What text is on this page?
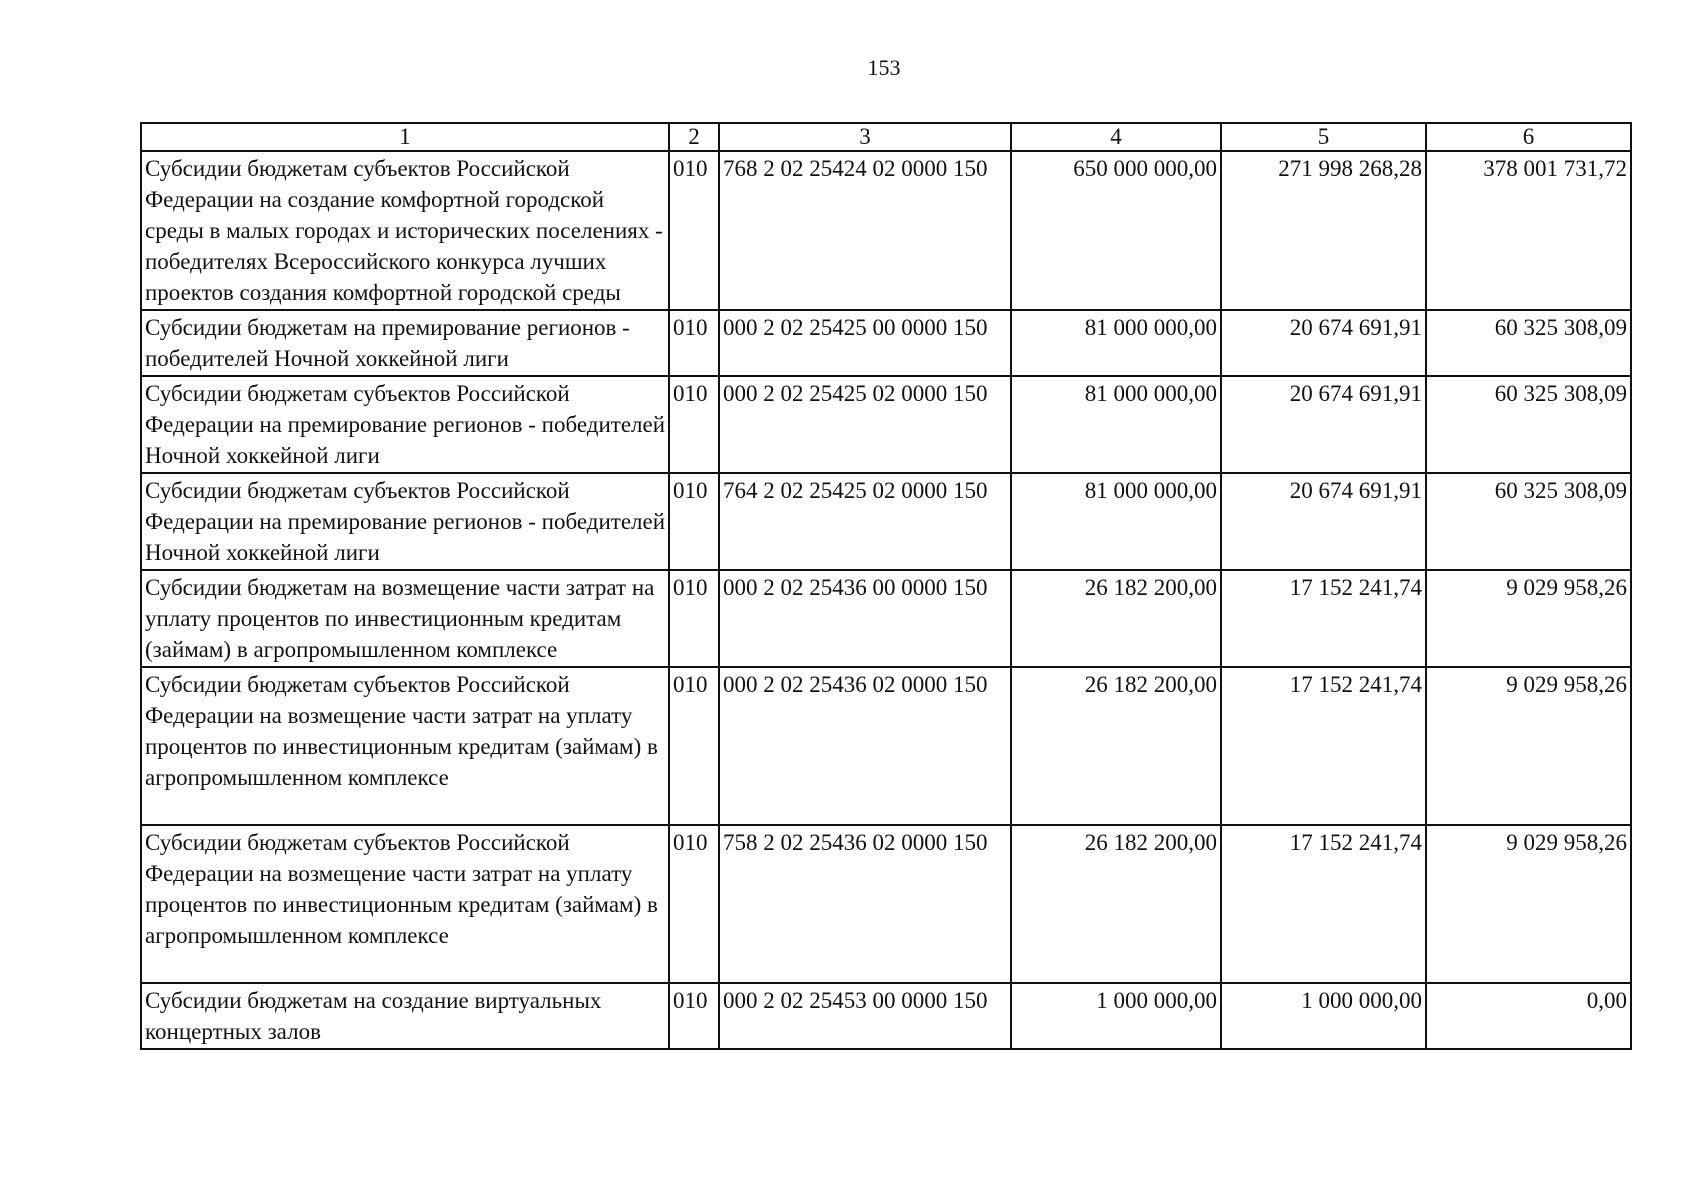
153
1	2	3	4	5	6
Субсидии бюджетам субъектов Российской Федерации на создание комфортной городской среды в малых городах и исторических поселениях - победителях Всероссийского конкурса лучших проектов создания комфортной городской среды	010	768 2 02 25424 02 0000 150	650 000 000,00	271 998 268,28	378 001 731,72
Субсидии бюджетам на премирование регионов - победителей Ночной хоккейной лиги	010	000 2 02 25425 00 0000 150	81 000 000,00	20 674 691,91	60 325 308,09
Субсидии бюджетам субъектов Российской Федерации на премирование регионов - победителей Ночной хоккейной лиги	010	000 2 02 25425 02 0000 150	81 000 000,00	20 674 691,91	60 325 308,09
Субсидии бюджетам субъектов Российской Федерации на премирование регионов - победителей Ночной хоккейной лиги	010	764 2 02 25425 02 0000 150	81 000 000,00	20 674 691,91	60 325 308,09
Субсидии бюджетам на возмещение части затрат на уплату процентов по инвестиционным кредитам (займам) в агропромышленном комплексе	010	000 2 02 25436 00 0000 150	26 182 200,00	17 152 241,74	9 029 958,26
Субсидии бюджетам субъектов Российской Федерации на возмещение части затрат на уплату процентов по инвестиционным кредитам (займам) в агропромышленном комплексе	010	000 2 02 25436 02 0000 150	26 182 200,00	17 152 241,74	9 029 958,26
Субсидии бюджетам субъектов Российской Федерации на возмещение части затрат на уплату процентов по инвестиционным кредитам (займам) в агропромышленном комплексе	010	758 2 02 25436 02 0000 150	26 182 200,00	17 152 241,74	9 029 958,26
Субсидии бюджетам на создание виртуальных концертных залов	010	000 2 02 25453 00 0000 150	1 000 000,00	1 000 000,00	0,00
